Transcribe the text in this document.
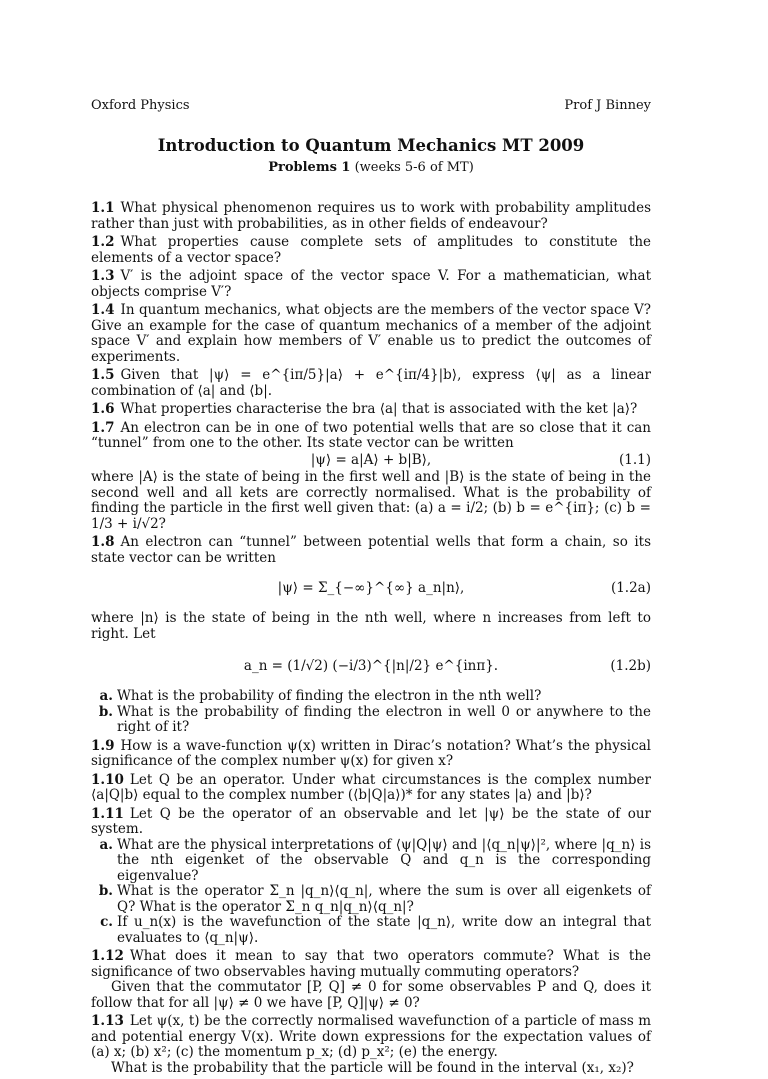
Oxford Physics	Prof J Binney
Introduction to Quantum Mechanics MT 2009
Problems 1 (weeks 5-6 of MT)

1.1 What physical phenomenon requires us to work with probability amplitudes rather than just with probabilities, as in other fields of endeavour?

1.2 What properties cause complete sets of amplitudes to constitute the elements of a vector space?

1.3 V′ is the adjoint space of the vector space V. For a mathematician, what objects comprise V′?

1.4 In quantum mechanics, what objects are the members of the vector space V? Give an example for the case of quantum mechanics of a member of the adjoint space V′ and explain how members of V′ enable us to predict the outcomes of experiments.

1.5 Given that |ψ⟩ = e^{iπ/5}|a⟩ + e^{iπ/4}|b⟩, express ⟨ψ| as a linear combination of ⟨a| and ⟨b|.

1.6 What properties characterise the bra ⟨a| that is associated with the ket |a⟩?

1.7 An electron can be in one of two potential wells that are so close that it can “tunnel” from one to the other. Its state vector can be written

|ψ⟩ = a|A⟩ + b|B⟩,	(1.1)

where |A⟩ is the state of being in the first well and |B⟩ is the state of being in the second well and all kets are correctly normalised. What is the probability of finding the particle in the first well given that: (a) a = i/2; (b) b = e^{iπ}; (c) b = 1/3 + i/√2?

1.8 An electron can “tunnel” between potential wells that form a chain, so its state vector can be written

|ψ⟩ = Σ_{−∞}^{∞} a_n|n⟩,	(1.2a)

where |n⟩ is the state of being in the nth well, where n increases from left to right. Let

a_n = (1/√2) (−i/3)^{|n|/2} e^{inπ}.	(1.2b)
a. What is the probability of finding the electron in the nth well?
b. What is the probability of finding the electron in well 0 or anywhere to the right of it?

1.9 How is a wave-function ψ(x) written in Dirac’s notation? What’s the physical significance of the complex number ψ(x) for given x?

1.10 Let Q be an operator. Under what circumstances is the complex number ⟨a|Q|b⟩ equal to the complex number (⟨b|Q|a⟩)* for any states |a⟩ and |b⟩?

1.11 Let Q be the operator of an observable and let |ψ⟩ be the state of our system.

a. What are the physical interpretations of ⟨ψ|Q|ψ⟩ and |⟨q_n|ψ⟩|², where |q_n⟩ is the nth eigenket of the observable Q and q_n is the corresponding eigenvalue?
b. What is the operator Σ_n |q_n⟩⟨q_n|, where the sum is over all eigenkets of Q? What is the operator Σ_n q_n|q_n⟩⟨q_n|?
c. If u_n(x) is the wavefunction of the state |q_n⟩, write dow an integral that evaluates to ⟨q_n|ψ⟩.

1.12 What does it mean to say that two operators commute? What is the significance of two observables having mutually commuting operators?

Given that the commutator [P, Q] ≠ 0 for some observables P and Q, does it follow that for all |ψ⟩ ≠ 0 we have [P, Q]|ψ⟩ ≠ 0?

1.13 Let ψ(x, t) be the correctly normalised wavefunction of a particle of mass m and potential energy V(x). Write down expressions for the expectation values of (a) x; (b) x²; (c) the momentum p_x; (d) p_x²; (e) the energy.

What is the probability that the particle will be found in the interval (x₁, x₂)?
